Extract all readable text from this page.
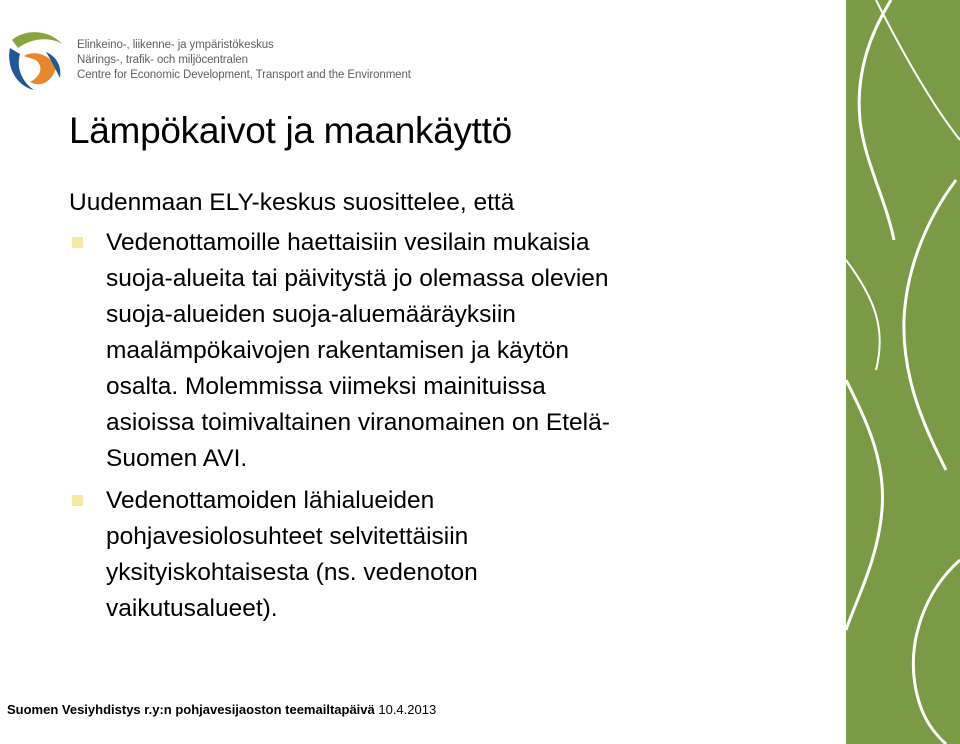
Elinkeino-, liikenne- ja ympäristökeskus
Närings-, trafik- och miljöcentralen
Centre for Economic Development, Transport and the Environment
Lämpökaivot ja maankäyttö
Uudenmaan ELY-keskus suosittelee, että
Vedenottamoille haettaisiin vesilain mukaisia
suoja-alueita tai päivitystä jo olemassa olevien
suoja-alueiden suoja-aluemääräyksiin
maalämpökaivojen rakentamisen ja käytön
osalta. Molemmissa viimeksi mainituissa
asioissa toimivaltainen viranomainen on Etelä-
Suomen AVI.
Vedenottamoiden lähialueiden
pohjavesiolosuhteet selvitettäisiin
yksityiskohtaisesta (ns. vedenoton
vaikutusalueet).
Suomen Vesiyhdistys r.y:n pohjavesijaoston teemailtapäivä 10.4.2013
